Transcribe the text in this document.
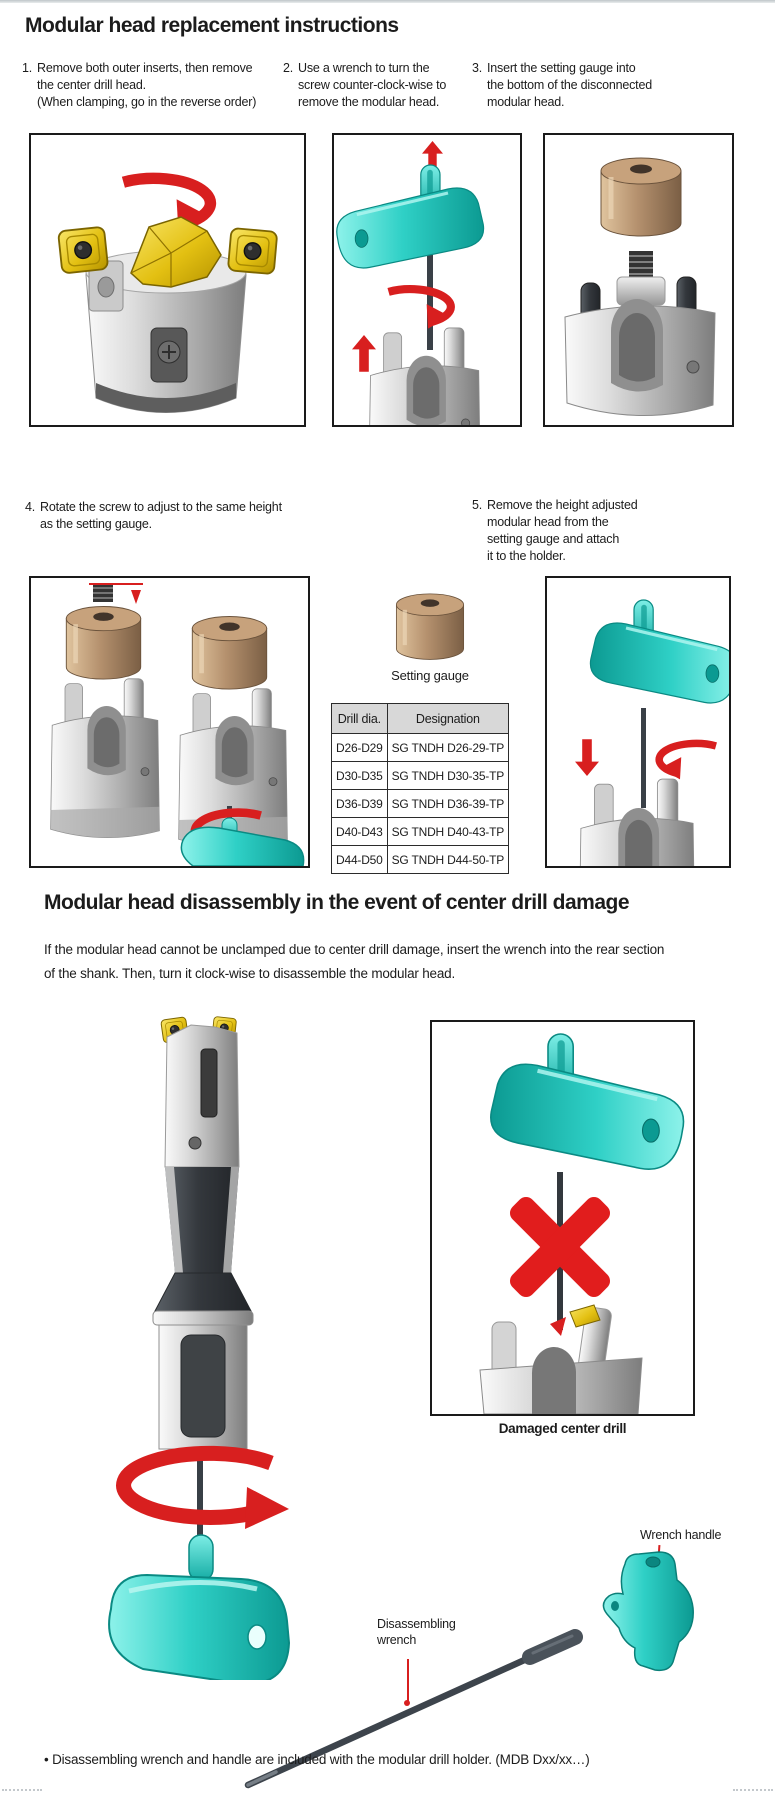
Modular head replacement instructions
1. Remove both outer inserts, then remove
the center drill head.
(When clamping, go in the reverse order)
2. Use a wrench to turn the
screw counter-clock-wise to
remove the modular head.
3. Insert the setting gauge into
the bottom of the disconnected
modular head.
4. Rotate the screw to adjust to the same height
as the setting gauge.
5. Remove the height adjusted
modular head from the
setting gauge and attach
it to the holder.
Setting gauge
Drill dia.	Designation
D26-D29	SG TNDH D26-29-TP
D30-D35	SG TNDH D30-35-TP
D36-D39	SG TNDH D36-39-TP
D40-D43	SG TNDH D40-43-TP
D44-D50	SG TNDH D44-50-TP
Modular head disassembly in the event of center drill damage
If the modular head cannot be unclamped due to center drill damage, insert the wrench into the rear section
of the shank. Then, turn it clock-wise to disassemble the modular head.
Damaged center drill
Wrench handle
Disassembling wrench
• Disassembling wrench and handle are included with the modular drill holder. (MDB Dxx/xx…)
